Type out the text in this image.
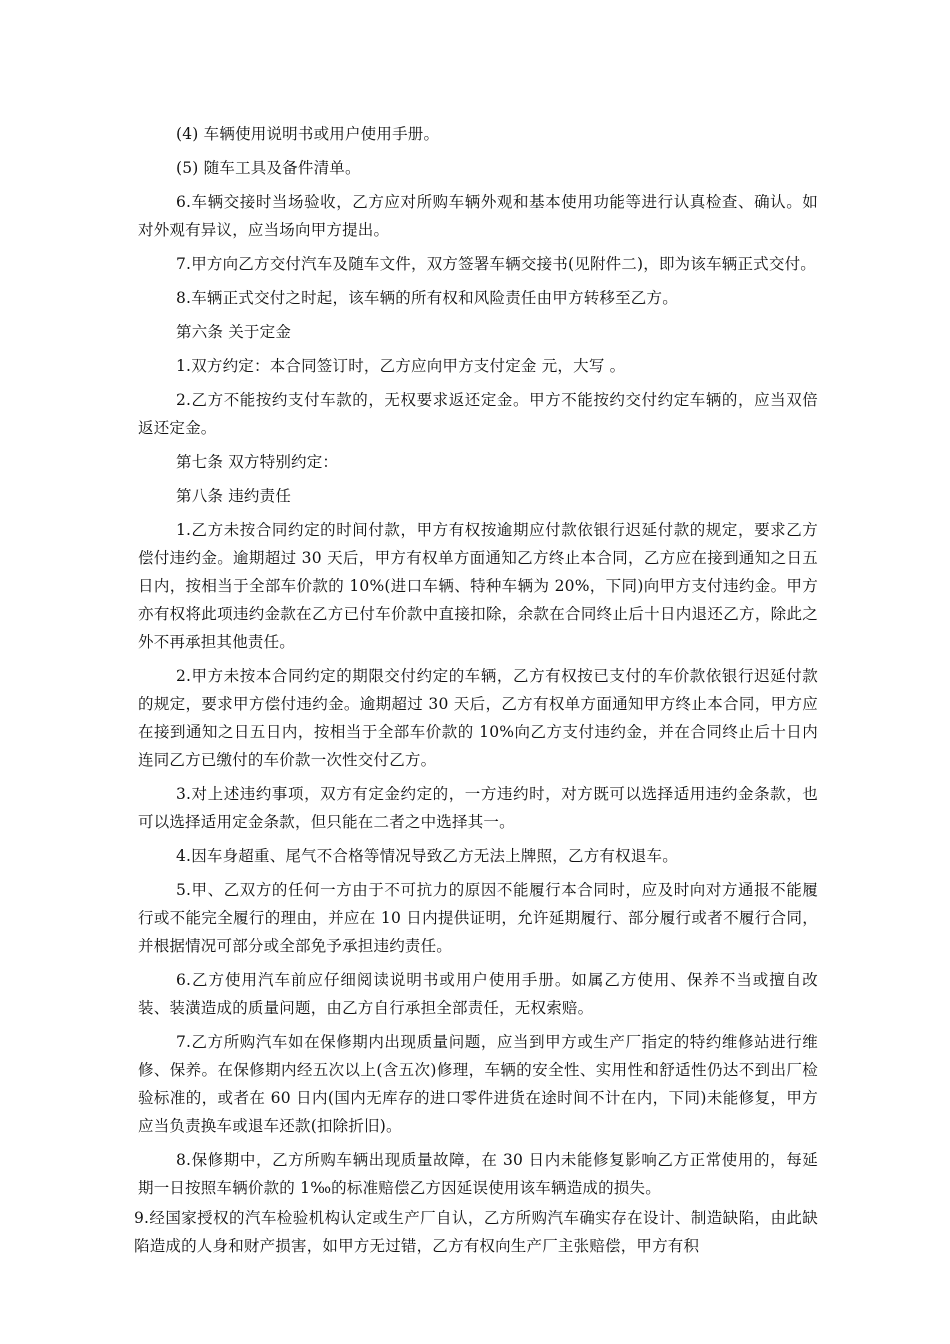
(4) 车辆使用说明书或用户使用手册。

(5) 随车工具及备件清单。

6.车辆交接时当场验收，乙方应对所购车辆外观和基本使用功能等进行认真检查、确认。如对外观有异议，应当场向甲方提出。

7.甲方向乙方交付汽车及随车文件，双方签署车辆交接书(见附件二)，即为该车辆正式交付。

8.车辆正式交付之时起，该车辆的所有权和风险责任由甲方转移至乙方。

第六条 关于定金

1.双方约定：本合同签订时，乙方应向甲方支付定金 元，大写 。

2.乙方不能按约支付车款的，无权要求返还定金。甲方不能按约交付约定车辆的，应当双倍返还定金。

第七条 双方特别约定：

第八条 违约责任

1.乙方未按合同约定的时间付款，甲方有权按逾期应付款依银行迟延付款的规定，要求乙方偿付违约金。逾期超过 30 天后，甲方有权单方面通知乙方终止本合同，乙方应在接到通知之日五日内，按相当于全部车价款的 10%(进口车辆、特种车辆为 20%，下同)向甲方支付违约金。甲方亦有权将此项违约金款在乙方已付车价款中直接扣除，余款在合同终止后十日内退还乙方，除此之外不再承担其他责任。

2.甲方未按本合同约定的期限交付约定的车辆，乙方有权按已支付的车价款依银行迟延付款的规定，要求甲方偿付违约金。逾期超过 30 天后，乙方有权单方面通知甲方终止本合同，甲方应在接到通知之日五日内，按相当于全部车价款的 10%向乙方支付违约金，并在合同终止后十日内连同乙方已缴付的车价款一次性交付乙方。

3.对上述违约事项，双方有定金约定的，一方违约时，对方既可以选择适用违约金条款，也可以选择适用定金条款，但只能在二者之中选择其一。

4.因车身超重、尾气不合格等情况导致乙方无法上牌照，乙方有权退车。

5.甲、乙双方的任何一方由于不可抗力的原因不能履行本合同时，应及时向对方通报不能履行或不能完全履行的理由，并应在 10 日内提供证明，允许延期履行、部分履行或者不履行合同，并根据情况可部分或全部免予承担违约责任。

6.乙方使用汽车前应仔细阅读说明书或用户使用手册。如属乙方使用、保养不当或擅自改装、装潢造成的质量问题，由乙方自行承担全部责任，无权索赔。

7.乙方所购汽车如在保修期内出现质量问题，应当到甲方或生产厂指定的特约维修站进行维修、保养。在保修期内经五次以上(含五次)修理，车辆的安全性、实用性和舒适性仍达不到出厂检验标准的，或者在 60 日内(国内无库存的进口零件进货在途时间不计在内，下同)未能修复，甲方应当负责换车或退车还款(扣除折旧)。

8.保修期中，乙方所购车辆出现质量故障，在 30 日内未能修复影响乙方正常使用的，每延期一日按照车辆价款的 1‰的标准赔偿乙方因延误使用该车辆造成的损失。

9.经国家授权的汽车检验机构认定或生产厂自认，乙方所购汽车确实存在设计、制造缺陷，由此缺陷造成的人身和财产损害，如甲方无过错，乙方有权向生产厂主张赔偿，甲方有积
